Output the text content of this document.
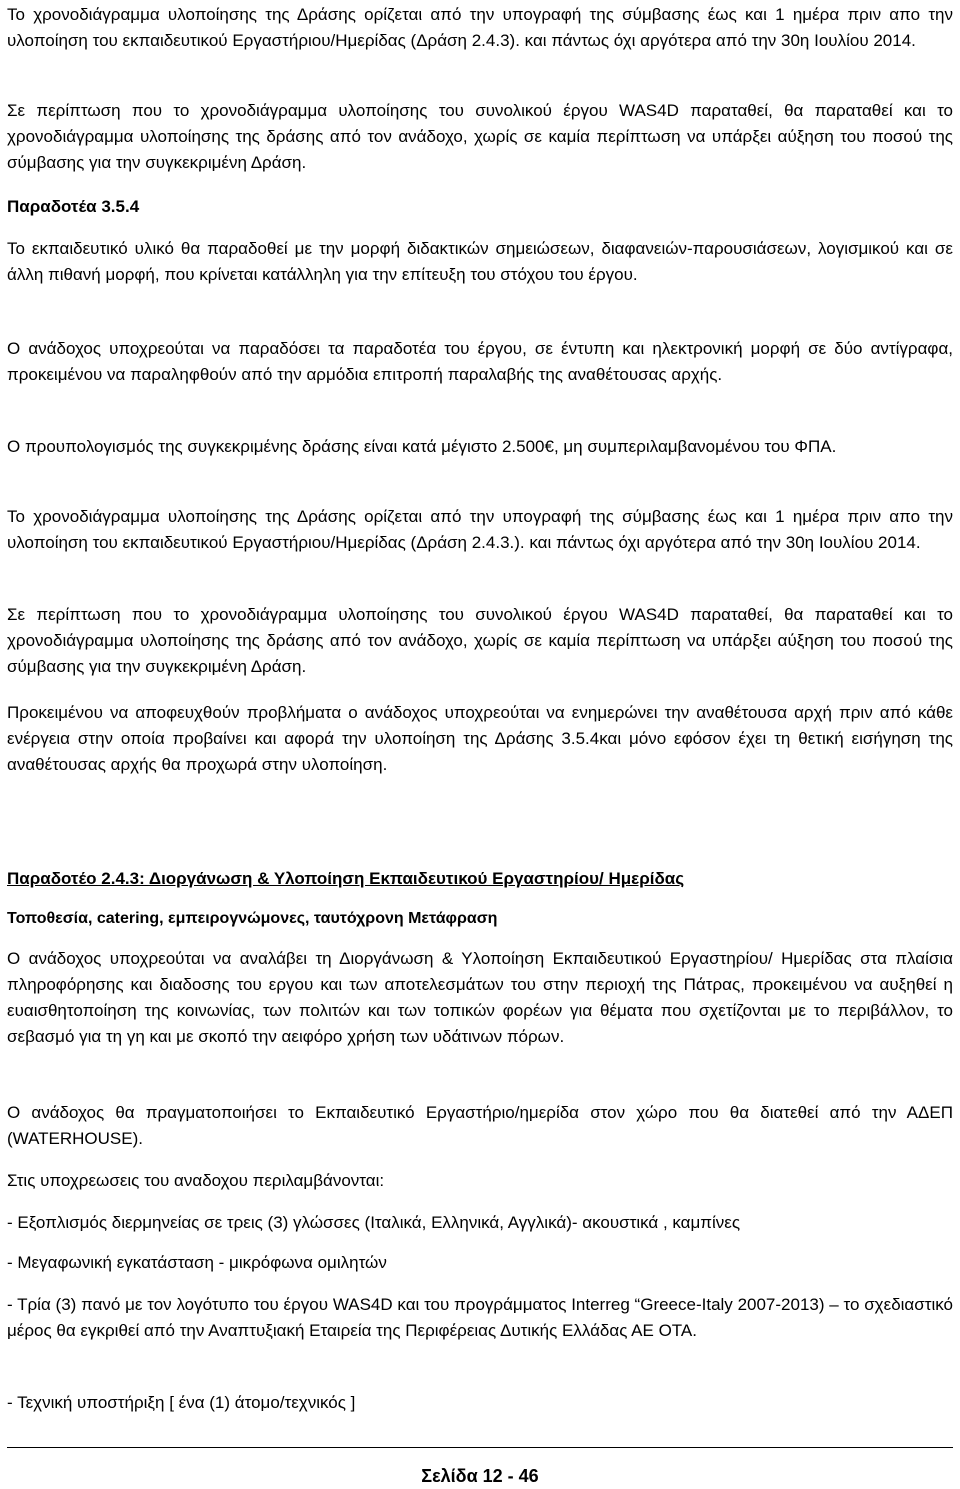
Το χρονοδιάγραμμα υλοποίησης της Δράσης ορίζεται από την υπογραφή της σύμβασης έως και 1 ημέρα πριν απο την υλοποίηση του εκπαιδευτικού Εργαστήριου/Ημερίδας (Δράση 2.4.3). και πάντως όχι αργότερα από την 30η Ιουλίου 2014.

Σε περίπτωση που το χρονοδιάγραμμα υλοποίησης του συνολικού έργου WAS4D παραταθεί, θα παραταθεί και το χρονοδιάγραμμα υλοποίησης της δράσης από τον ανάδοχο, χωρίς σε καμία περίπτωση να υπάρξει αύξηση του ποσού της σύμβασης για την συγκεκριμένη Δράση.

Παραδοτέα 3.5.4

Το εκπαιδευτικό υλικό θα παραδοθεί με την μορφή διδακτικών σημειώσεων, διαφανειών-παρουσιάσεων, λογισμικού και σε άλλη πιθανή μορφή, που κρίνεται κατάλληλη για την επίτευξη του στόχου του έργου.

Ο ανάδοχος υποχρεούται να παραδόσει τα παραδοτέα του έργου, σε έντυπη και ηλεκτρονική μορφή σε δύο αντίγραφα, προκειμένου να παραληφθούν από την αρμόδια επιτροπή παραλαβής της αναθέτουσας αρχής.

Ο προυπολογισμός της συγκεκριμένης δράσης είναι κατά μέγιστο 2.500€, μη συμπεριλαμβανομένου του ΦΠΑ.

Το χρονοδιάγραμμα υλοποίησης της Δράσης ορίζεται από την υπογραφή της σύμβασης έως και 1 ημέρα πριν απο την υλοποίηση του εκπαιδευτικού Εργαστήριου/Ημερίδας (Δράση 2.4.3.). και πάντως όχι αργότερα από την 30η Ιουλίου 2014.

Σε περίπτωση που το χρονοδιάγραμμα υλοποίησης του συνολικού έργου WAS4D παραταθεί, θα παραταθεί και το χρονοδιάγραμμα υλοποίησης της δράσης από τον ανάδοχο, χωρίς σε καμία περίπτωση να υπάρξει αύξηση του ποσού της σύμβασης για την συγκεκριμένη Δράση.

Προκειμένου να αποφευχθούν προβλήματα ο ανάδοχος υποχρεούται να ενημερώνει την αναθέτουσα αρχή πριν από κάθε ενέργεια στην οποία προβαίνει και αφορά την υλοποίηση της Δράσης 3.5.4και μόνο εφόσον έχει τη θετική εισήγηση της αναθέτουσας αρχής θα προχωρά στην υλοποίηση.

Παραδοτέο 2.4.3: Διοργάνωση & Υλοποίηση Εκπαιδευτικού Εργαστηρίου/ Ημερίδας

Τοποθεσία, catering, εμπειρογνώμονες, ταυτόχρονη Μετάφραση

Ο ανάδοχος υποχρεούται να αναλάβει τη Διοργάνωση & Υλοποίηση Εκπαιδευτικού Εργαστηρίου/ Ημερίδας στα πλαίσια πληροφόρησης και διαδοσης του εργου και των αποτελεσμάτων του στην περιοχή της Πάτρας, προκειμένου να αυξηθεί η ευαισθητοποίηση της κοινωνίας, των πολιτών και των τοπικών φορέων για θέματα που σχετίζονται με το περιβάλλον, το σεβασμό για τη γη και με σκοπό την αειφόρο χρήση των υδάτινων πόρων.

Ο ανάδοχος θα πραγματοποιήσει το Εκπαιδευτικό Εργαστήριο/ημερίδα στον χώρο που θα διατεθεί από την ΑΔΕΠ (WATERHOUSE).

Στις υποχρεωσεις του αναδοχου περιλαμβάνονται:

- Εξοπλισμός διερμηνείας σε τρεις (3) γλώσσες (Ιταλικά, Ελληνικά, Αγγλικά)- ακουστικά , καμπίνες

- Μεγαφωνική εγκατάσταση - μικρόφωνα ομιλητών

- Τρία (3) πανό με τον λογότυπο του έργου WAS4D και του προγράμματος Interreg “Greece-Italy 2007-2013) – το σχεδιαστικό μέρος θα εγκριθεί από την Αναπτυξιακή Εταιρεία της Περιφέρειας Δυτικής Ελλάδας ΑΕ ΟΤΑ.

- Τεχνική υποστήριξη [ ένα (1) άτομο/τεχνικός ]

Σελίδα 12 - 46
